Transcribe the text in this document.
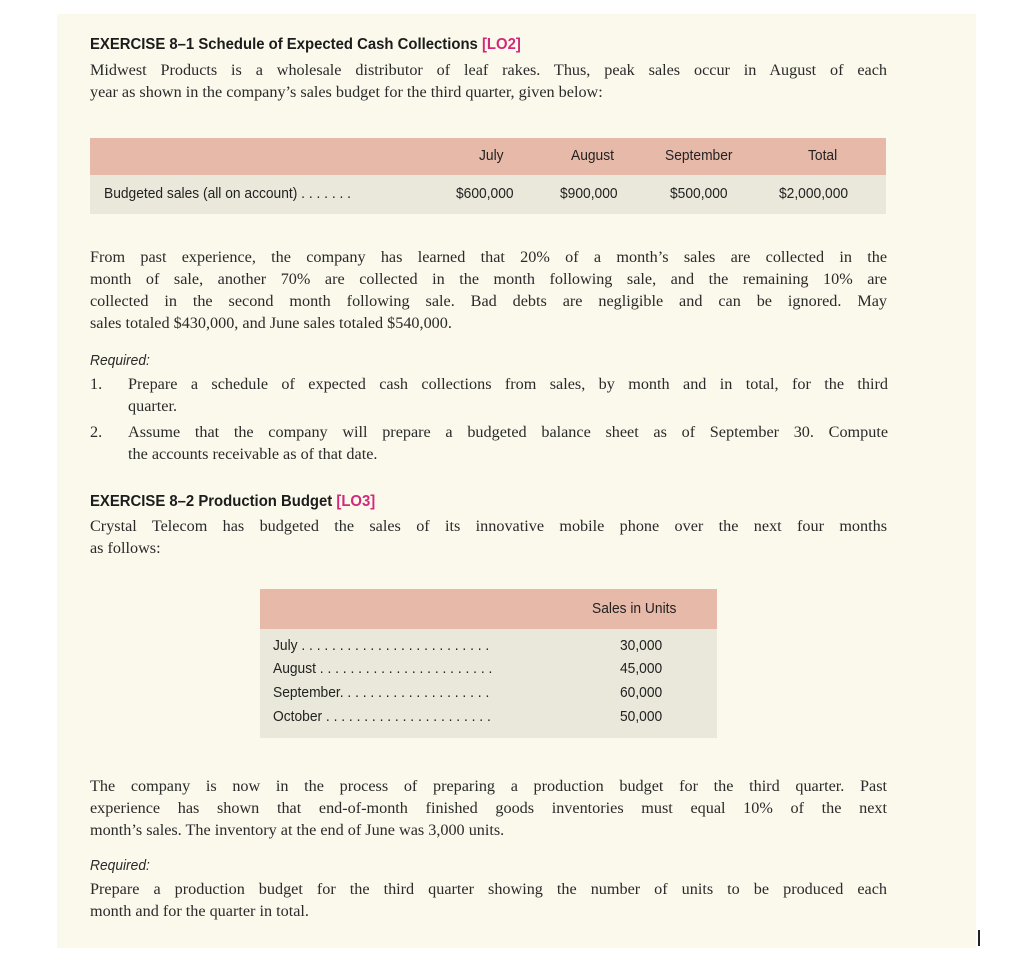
EXERCISE 8–1 Schedule of Expected Cash Collections [LO2]
Midwest Products is a wholesale distributor of leaf rakes. Thus, peak sales occur in August of each
year as shown in the company’s sales budget for the third quarter, given below:
July	August	September	Total
Budgeted sales (all on account) . . . . . . .	$600,000	$900,000	$500,000	$2,000,000
From past experience, the company has learned that 20% of a month’s sales are collected in the
month of sale, another 70% are collected in the month following sale, and the remaining 10% are
collected in the second month following sale. Bad debts are negligible and can be ignored. May
sales totaled $430,000, and June sales totaled $540,000.
Required:
1. Prepare a schedule of expected cash collections from sales, by month and in total, for the third
quarter.
2. Assume that the company will prepare a budgeted balance sheet as of September 30. Compute
the accounts receivable as of that date.
EXERCISE 8–2 Production Budget [LO3]
Crystal Telecom has budgeted the sales of its innovative mobile phone over the next four months
as follows:
Sales in Units
July . . . . . . . . . . . . . . . . . . . . . . . . .	30,000
August . . . . . . . . . . . . . . . . . . . . . . .	45,000
September. . . . . . . . . . . . . . . . . . . .	60,000
October . . . . . . . . . . . . . . . . . . . . . .	50,000
The company is now in the process of preparing a production budget for the third quarter. Past
experience has shown that end-of-month finished goods inventories must equal 10% of the next
month’s sales. The inventory at the end of June was 3,000 units.
Required:
Prepare a production budget for the third quarter showing the number of units to be produced each
month and for the quarter in total.
